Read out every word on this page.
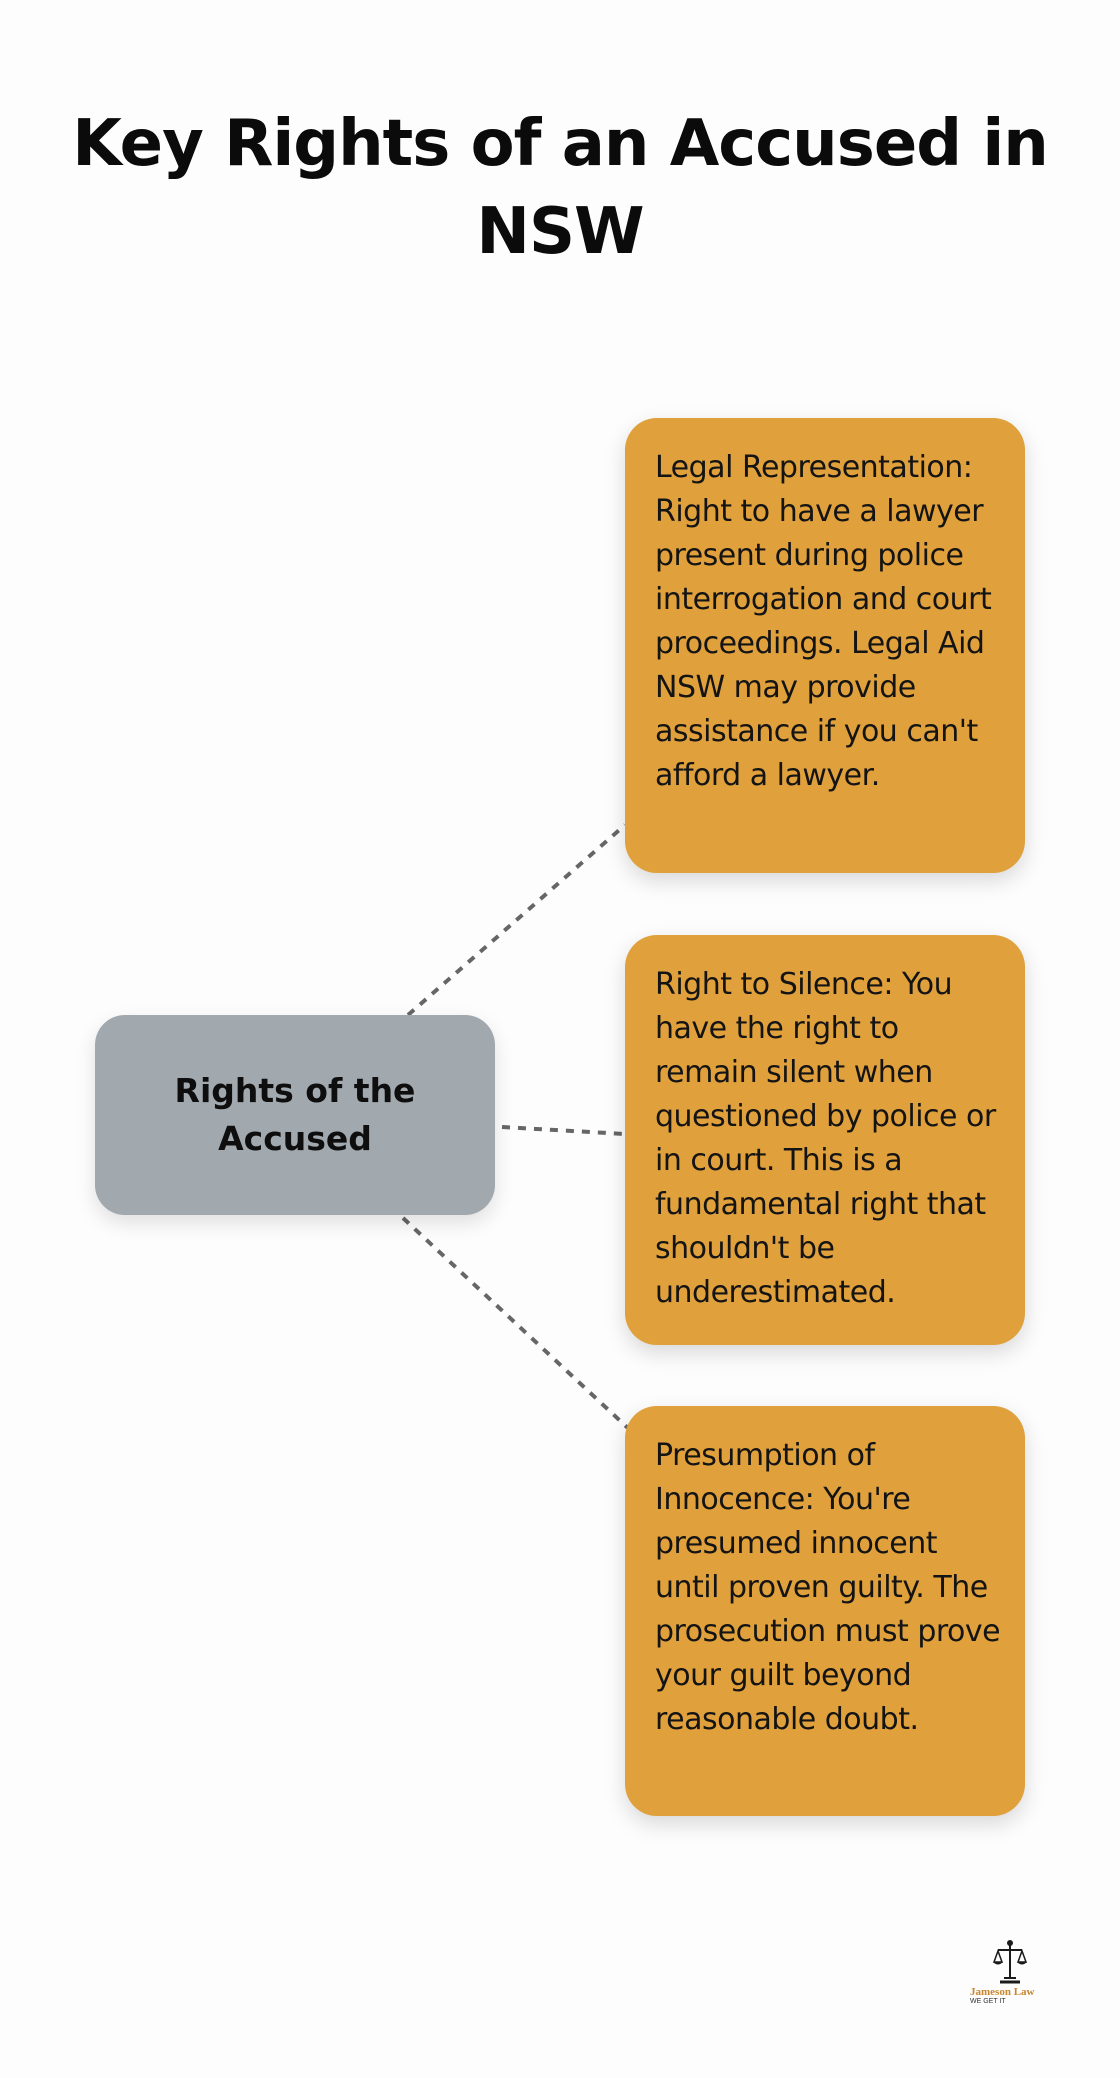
Key Rights of an Accused in NSW
Rights of the Accused
Legal Representation: Right to have a lawyer present during police interrogation and court proceedings. Legal Aid NSW may provide assistance if you can't afford a lawyer.
Right to Silence: You have the right to remain silent when questioned by police or in court. This is a fundamental right that shouldn't be underestimated.
Presumption of Innocence: You're presumed innocent until proven guilty. The prosecution must prove your guilt beyond reasonable doubt.
Jameson Law
WE GET IT
